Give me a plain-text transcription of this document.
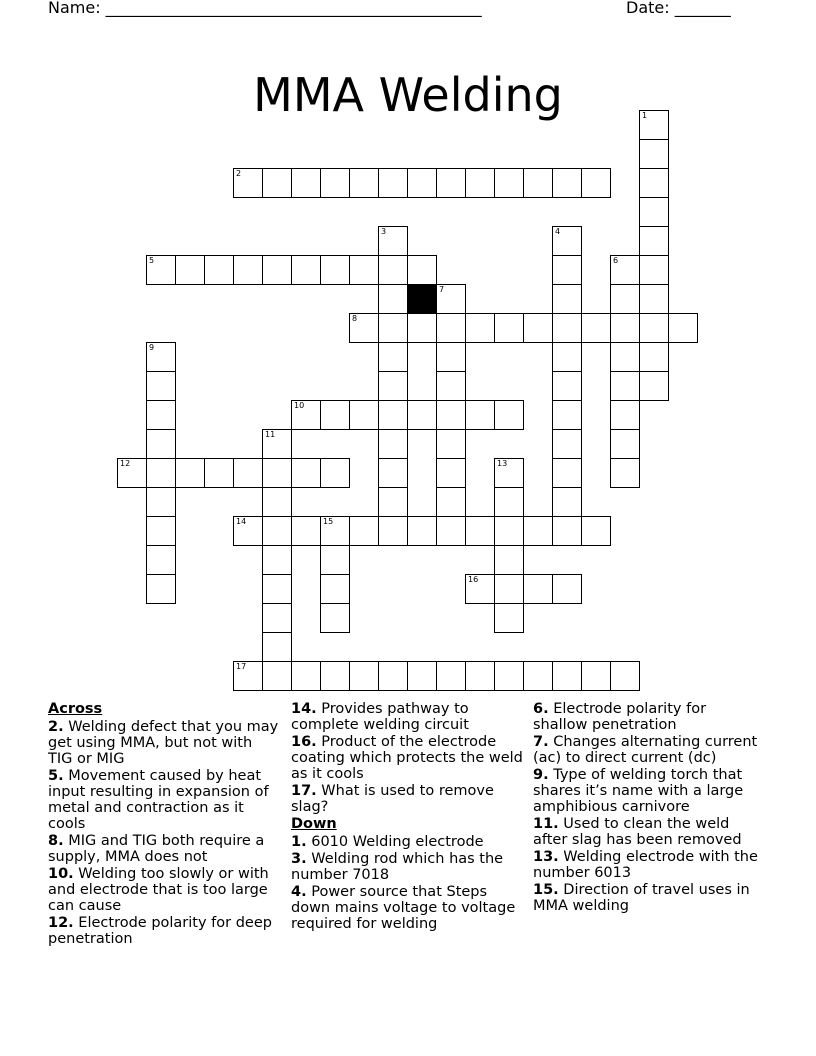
Name: _______________________________________________	Date: _______
MMA Welding	1
2
3	4
5	6
7
8
9
10
11
12	13
14	15
16
17
Across
2. Welding defect that you may get using MMA, but not with TIG or MIG
5. Movement caused by heat input resulting in expansion of metal and contraction as it cools
8. MIG and TIG both require a supply, MMA does not
10. Welding too slowly or with and electrode that is too large can cause
12. Electrode polarity for deep penetration
14. Provides pathway to complete welding circuit
16. Product of the electrode coating which protects the weld as it cools
17. What is used to remove slag?
Down
1. 6010 Welding electrode
3. Welding rod which has the number 7018
4. Power source that Steps down mains voltage to voltage required for welding
6. Electrode polarity for shallow penetration
7. Changes alternating current (ac) to direct current (dc)
9. Type of welding torch that shares it’s name with a large amphibious carnivore
11. Used to clean the weld after slag has been removed
13. Welding electrode with the number 6013
15. Direction of travel uses in MMA welding
